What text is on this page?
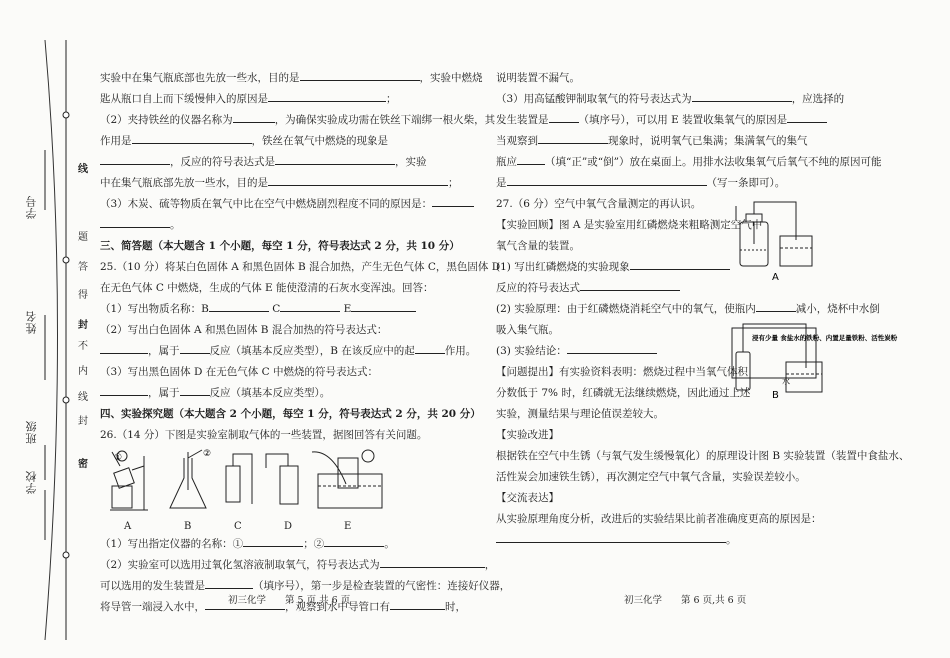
学校
班级
姓名
学号
线
题
答
得
封
不
内
线
封
密
实验中在集气瓶底部也先放一些水，目的是	，实验中燃烧
匙从瓶口自上而下缓慢伸入的原因是	；
（2）夹持铁丝的仪器名称为	，为确保实验成功需在铁丝下端绑一根火柴，其
作用是	，铁丝在氧气中燃烧的现象是
，反应的符号表达式是	，实验
中在集气瓶底部先放一些水，目的是	；
（3）木炭、硫等物质在氧气中比在空气中燃烧剧烈程度不同的原因是：
。
三、简答题（本大题含 1 个小题，每空 1 分，符号表达式 2 分，共 10 分）
25.（10 分）将某白色固体 A 和黑色固体 B 混合加热，产生无色气体 C，黑色固体 D
在无色气体 C 中燃烧，生成的气体 E 能使澄清的石灰水变浑浊。回答：
（1）写出物质名称：B	C	E
（2）写出白色固体 A 和黑色固体 B 混合加热的符号表达式：
，属于	反应（填基本反应类型），B 在该反应中的起	作用。
（3）写出黑色固体 D 在无色气体 C 中燃烧的符号表达式：
，属于	反应（填基本反应类型）。
四、实验探究题（本大题含 2 个小题，每空 1 分，符号表达式 2 分，共 20 分）
26.（14 分）下图是实验室制取气体的一些装置，据图回答有关问题。
①	②
A	B	C	D	E
（1）写出指定仪器的名称：①	；②	。
（2）实验室可以选用过氧化氢溶液制取氧气，符号表达式为	，
可以选用的发生装置是	（填序号），第一步是检查装置的气密性：连接好仪器，
将导管一端浸入水中，	，观察到水中导管口有	时，
初三化学　　第 5 页,共 6 页
说明装置不漏气。
（3）用高锰酸钾制取氧气的符号表达式为	，应选择的
发生装置是	（填序号），可以用 E 装置收集氧气的原因是
当观察到	现象时，说明氧气已集满；集满氧气的集气
瓶应	（填“正”或“倒”）放在桌面上。用排水法收集氧气后氧气不纯的原因可能
是	（写一条即可）。
27.（6 分）空气中氧气含量测定的再认识。
【实验回顾】图 A 是实验室用红磷燃烧来粗略测定空气中
氧气含量的装置。
(1) 写出红磷燃烧的实验现象
反应的符号表达式
(2) 实验原理：由于红磷燃烧消耗空气中的氧气，使瓶内	减小，烧杯中水倒
吸入集气瓶。
(3) 实验结论：
【问题提出】有实验资料表明：燃烧过程中当氧气体积
分数低于 7% 时，红磷就无法继续燃烧，因此通过上述
实验，测量结果与理论值误差较大。
【实验改进】
根据铁在空气中生锈（与氧气发生缓慢氧化）的原理设计图 B 实验装置（装置中食盐水、
活性炭会加速铁生锈），再次测定空气中氧气含量，实验误差较小。
【交流表达】
从实验原理角度分析，改进后的实验结果比前者准确度更高的原因是：
。
A
浸有少量 食盐水的铁粉、内置足量铁粉、活性炭粉
水
B
初三化学　　第 6 页,共 6 页
